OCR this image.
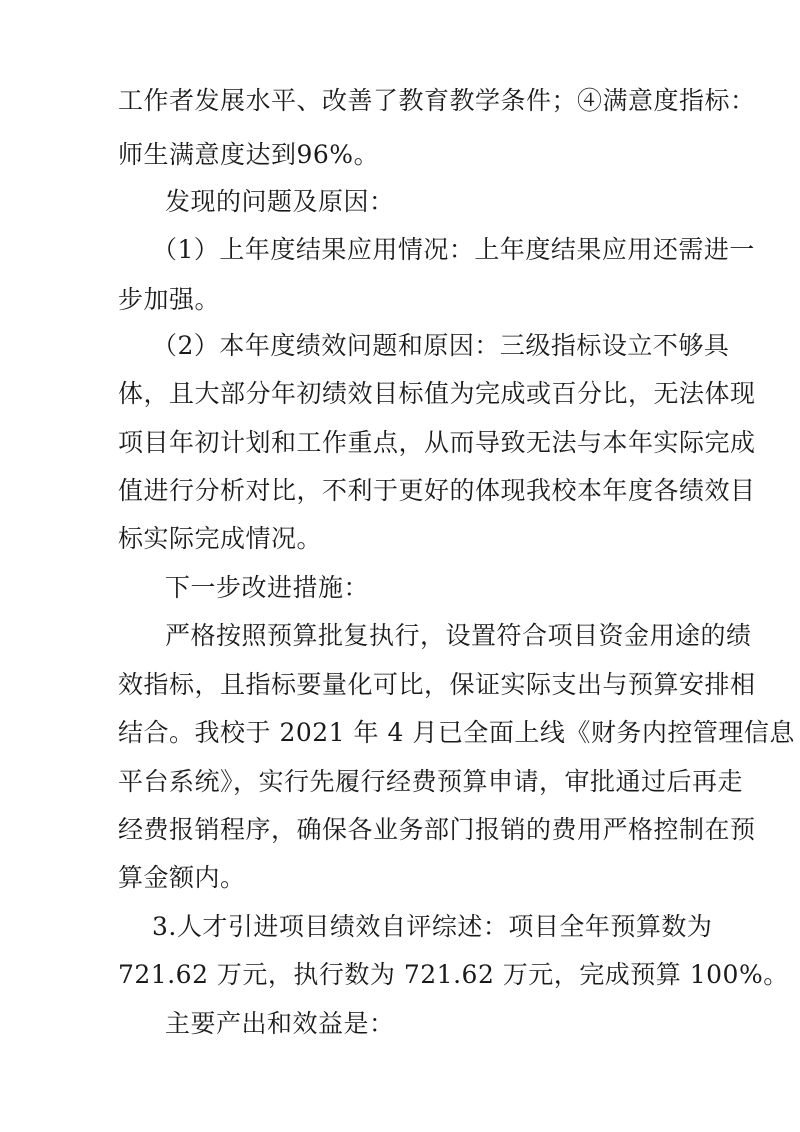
工作者发展水平、改善了教育教学条件；④满意度指标：
师生满意度达到96%。
发现的问题及原因：
（1）上年度结果应用情况：上年度结果应用还需进一
步加强。
（2）本年度绩效问题和原因：三级指标设立不够具
体，且大部分年初绩效目标值为完成或百分比，无法体现
项目年初计划和工作重点，从而导致无法与本年实际完成
值进行分析对比，不利于更好的体现我校本年度各绩效目
标实际完成情况。
下一步改进措施：
严格按照预算批复执行，设置符合项目资金用途的绩
效指标，且指标要量化可比，保证实际支出与预算安排相
结合。我校于 2021 年 4 月已全面上线《财务内控管理信息
平台系统》，实行先履行经费预算申请，审批通过后再走
经费报销程序，确保各业务部门报销的费用严格控制在预
算金额内。
3.人才引进项目绩效自评综述：项目全年预算数为
721.62 万元，执行数为 721.62 万元，完成预算 100%。
主要产出和效益是：
